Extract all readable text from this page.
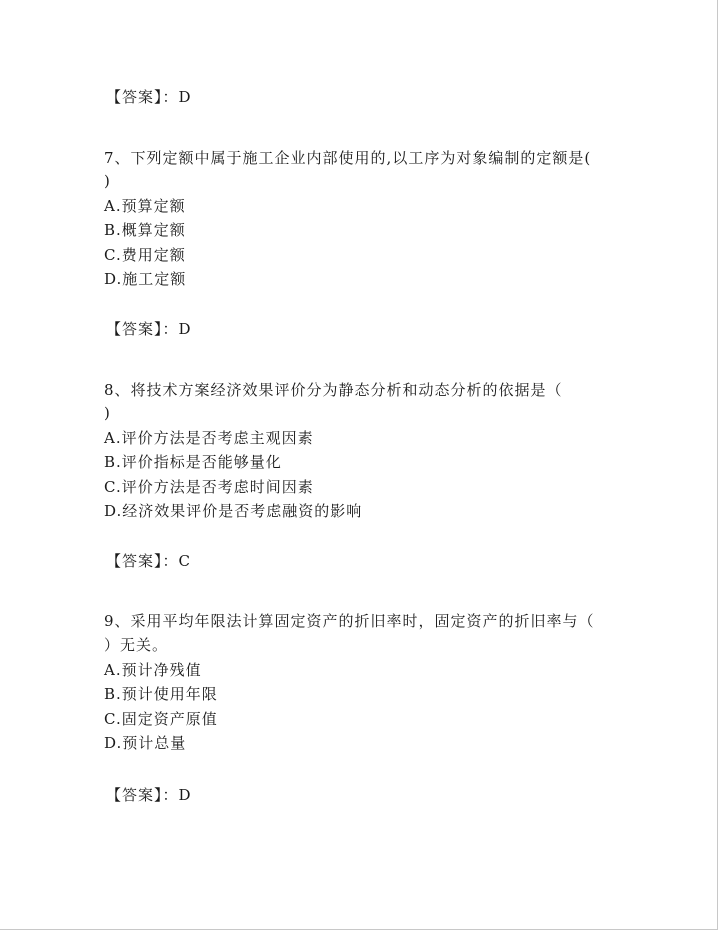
【答案】：D
7、下列定额中属于施工企业内部使用的,以工序为对象编制的定额是(
)
A.预算定额
B.概算定额
C.费用定额
D.施工定额
【答案】：D
8、将技术方案经济效果评价分为静态分析和动态分析的依据是（
)
A.评价方法是否考虑主观因素
B.评价指标是否能够量化
C.评价方法是否考虑时间因素
D.经济效果评价是否考虑融资的影响
【答案】：C
9、采用平均年限法计算固定资产的折旧率时，固定资产的折旧率与（
）无关。
A.预计净残值
B.预计使用年限
C.固定资产原值
D.预计总量
【答案】：D
